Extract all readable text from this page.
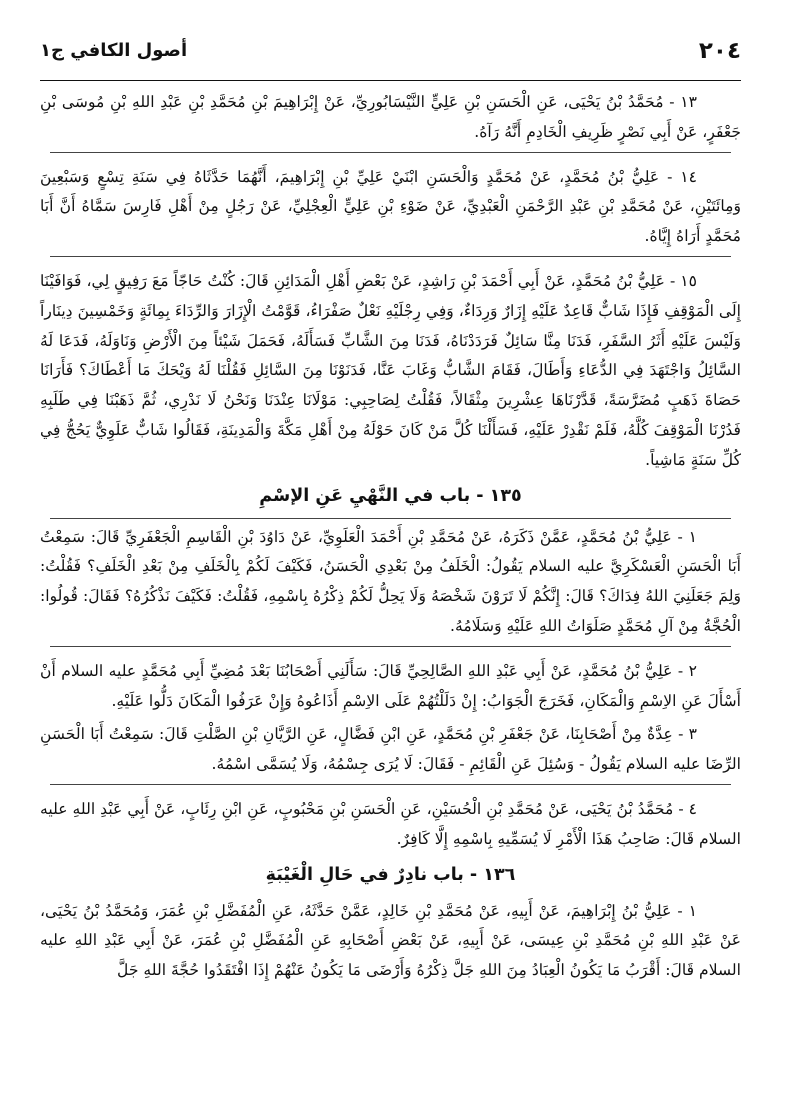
٢٠٤
أصول الكافي ج١

١٣ - مُحَمَّدُ بْنُ يَحْيَى، عَنِ الْحَسَنِ بْنِ عَلِيٍّ النَّيْسَابُورِيِّ، عَنْ إِبْرَاهِيمَ بْنِ مُحَمَّدِ بْنِ عَبْدِ اللهِ بْنِ مُوسَى بْنِ جَعْفَرٍ، عَنْ أَبِي نَصْرٍ ظَرِيفِ الْخَادِمِ أَنَّهُ رَآهُ.

١٤ - عَلِيُّ بْنُ مُحَمَّدٍ، عَنْ مُحَمَّدٍ وَالْحَسَنِ ابْنَيْ عَلِيِّ بْنِ إِبْرَاهِيمَ، أَنَّهُمَا حَدَّثَاهُ فِي سَنَةِ تِسْعٍ وَسَبْعِينَ وَمِائَتَيْنِ، عَنْ مُحَمَّدِ بْنِ عَبْدِ الرَّحْمَنِ الْعَبْدِيِّ، عَنْ ضَوْءِ بْنِ عَلِيٍّ الْعِجْلِيِّ، عَنْ رَجُلٍ مِنْ أَهْلِ فَارِسَ سَمَّاهُ أَنَّ أَبَا مُحَمَّدٍ أَرَاهُ إِيَّاهُ.

١٥ - عَلِيُّ بْنُ مُحَمَّدٍ، عَنْ أَبِي أَحْمَدَ بْنِ رَاشِدٍ، عَنْ بَعْضِ أَهْلِ الْمَدَائِنِ قَالَ: كُنْتُ حَاجّاً مَعَ رَفِيقٍ لِي، فَوَافَيْنَا إِلَى الْمَوْقِفِ فَإِذَا شَابٌّ قَاعِدٌ عَلَيْهِ إِزَارٌ وَرِدَاءٌ، وَفِي رِجْلَيْهِ نَعْلٌ صَفْرَاءُ، قَوَّمْتُ الْإِزَارَ وَالرِّدَاءَ بِمِائَةٍ وَخَمْسِينَ دِينَاراً وَلَيْسَ عَلَيْهِ أَثَرُ السَّفَرِ، فَدَنَا مِنَّا سَائِلٌ فَرَدَدْنَاهُ، فَدَنَا مِنَ الشَّابِّ فَسَأَلَهُ، فَحَمَلَ شَيْئاً مِنَ الْأَرْضِ وَنَاوَلَهُ، فَدَعَا لَهُ السَّائِلُ وَاجْتَهَدَ فِي الدُّعَاءِ وَأَطَالَ، فَقَامَ الشَّابُّ وَغَابَ عَنَّا، فَدَنَوْنَا مِنَ السَّائِلِ فَقُلْنَا لَهُ وَيْحَكَ مَا أَعْطَاكَ؟ فَأَرَانَا حَصَاةَ ذَهَبٍ مُضَرَّسَةً، قَدَّرْنَاهَا عِشْرِينَ مِثْقَالاً، فَقُلْتُ لِصَاحِبِي: مَوْلَانَا عِنْدَنَا وَنَحْنُ لَا نَدْرِي، ثُمَّ ذَهَبْنَا فِي طَلَبِهِ فَدُرْنَا الْمَوْقِفَ كُلَّهُ، فَلَمْ نَقْدِرْ عَلَيْهِ، فَسَأَلْنَا كُلَّ مَنْ كَانَ حَوْلَهُ مِنْ أَهْلِ مَكَّةَ وَالْمَدِينَةِ، فَقَالُوا شَابٌّ عَلَوِيٌّ يَحُجُّ فِي كُلِّ سَنَةٍ مَاشِياً.

١٣٥ - باب في النَّهْيِ عَنِ الإسْمِ

١ - عَلِيُّ بْنُ مُحَمَّدٍ، عَمَّنْ ذَكَرَهُ، عَنْ مُحَمَّدِ بْنِ أَحْمَدَ الْعَلَوِيِّ، عَنْ دَاوُدَ بْنِ الْقَاسِمِ الْجَعْفَرِيِّ قَالَ: سَمِعْتُ أَبَا الْحَسَنِ الْعَسْكَرِيَّ عليه السلام يَقُولُ: الْخَلَفُ مِنْ بَعْدِي الْحَسَنُ، فَكَيْفَ لَكُمْ بِالْخَلَفِ مِنْ بَعْدِ الْخَلَفِ؟ فَقُلْتُ: وَلِمَ جَعَلَنِيَ اللهُ فِدَاكَ؟ قَالَ: إِنَّكُمْ لَا تَرَوْنَ شَخْصَهُ وَلَا يَحِلُّ لَكُمْ ذِكْرُهُ بِاسْمِهِ، فَقُلْتُ: فَكَيْفَ نَذْكُرُهُ؟ فَقَالَ: قُولُوا: الْحُجَّةُ مِنْ آلِ مُحَمَّدٍ صَلَوَاتُ اللهِ عَلَيْهِ وَسَلَامُهُ.

٢ - عَلِيُّ بْنُ مُحَمَّدٍ، عَنْ أَبِي عَبْدِ اللهِ الصَّالِحِيِّ قَالَ: سَأَلَنِي أَصْحَابُنَا بَعْدَ مُضِيِّ أَبِي مُحَمَّدٍ عليه السلام أَنْ أَسْأَلَ عَنِ الاِسْمِ وَالْمَكَانِ، فَخَرَجَ الْجَوَابُ: إِنْ دَلَلْتُهُمْ عَلَى الاِسْمِ أَذَاعُوهُ وَإِنْ عَرَفُوا الْمَكَانَ دَلُّوا عَلَيْهِ.

٣ - عِدَّةٌ مِنْ أَصْحَابِنَا، عَنْ جَعْفَرِ بْنِ مُحَمَّدٍ، عَنِ ابْنِ فَضَّالٍ، عَنِ الرَّيَّانِ بْنِ الصَّلْتِ قَالَ: سَمِعْتُ أَبَا الْحَسَنِ الرِّضَا عليه السلام يَقُولُ - وَسُئِلَ عَنِ الْقَائِمِ - فَقَالَ: لَا يُرَى جِسْمُهُ، وَلَا يُسَمَّى اسْمُهُ.

٤ - مُحَمَّدُ بْنُ يَحْيَى، عَنْ مُحَمَّدِ بْنِ الْحُسَيْنِ، عَنِ الْحَسَنِ بْنِ مَحْبُوبٍ، عَنِ ابْنِ رِئَابٍ، عَنْ أَبِي عَبْدِ اللهِ عليه السلام قَالَ: صَاحِبُ هَذَا الْأَمْرِ لَا يُسَمِّيهِ بِاسْمِهِ إِلَّا كَافِرٌ.

١٣٦ - باب نادِرٌ في حَالِ الْغَيْبَةِ

١ - عَلِيُّ بْنُ إِبْرَاهِيمَ، عَنْ أَبِيهِ، عَنْ مُحَمَّدِ بْنِ خَالِدٍ، عَمَّنْ حَدَّثَهُ، عَنِ الْمُفَضَّلِ بْنِ عُمَرَ، وَمُحَمَّدُ بْنُ يَحْيَى، عَنْ عَبْدِ اللهِ بْنِ مُحَمَّدِ بْنِ عِيسَى، عَنْ أَبِيهِ، عَنْ بَعْضِ أَصْحَابِهِ عَنِ الْمُفَضَّلِ بْنِ عُمَرَ، عَنْ أَبِي عَبْدِ اللهِ عليه السلام قَالَ: أَقْرَبُ مَا يَكُونُ الْعِبَادُ مِنَ اللهِ جَلَّ ذِكْرُهُ وَأَرْضَى مَا يَكُونُ عَنْهُمْ إِذَا افْتَقَدُوا حُجَّةَ اللهِ جَلَّ
